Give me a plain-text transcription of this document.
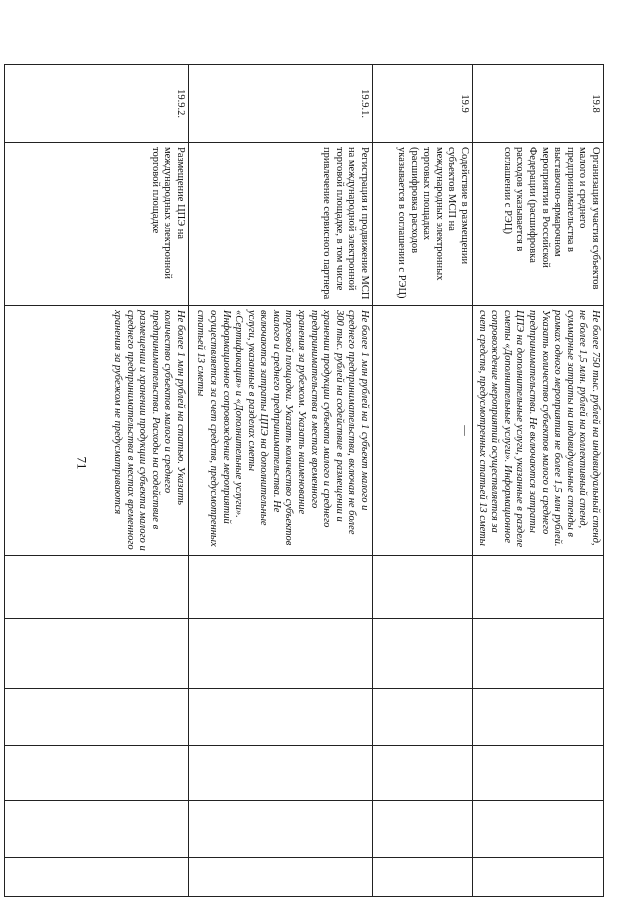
71
19.8	Организация участия субъектов малого и среднего предпринимательства в выставочно-ярмарочном мероприятии в Российской Федерации (расшифровка расходов указывается в соглашении с РЭЦ)	Не более 750 тыс. рублей на индивидуальный стенд, не более 1,5 млн. рублей на коллективный стенд, суммарные затраты на индивидуальные стенды в рамках одного мероприятия не более 1,5 млн рублей. Указать количество субъектов малого и среднего предпринимательства. Не включаются затраты ЦПЭ на дополнительные услуги, указанные в разделе сметы «Дополнительные услуги». Информационное сопровождение мероприятий осуществляется за счет средств, предусмотренных статьей 13 сметы						
19.9	Содействие в размещении субъектов МСП на международных электронных торговых площадках (расшифровка расходов указывается в соглашении с РЭЦ)	—						
19.9.1.	Регистрация и продвижение МСП на международной электронной торговой площадке, в том числе привлечение сервисного партнера	Не более 1 млн рублей на 1 субъект малого и среднего предпринимательства, включая не более 300 тыс. рублей на содействие в размещении и хранении продукции субъекта малого и среднего предпринимательства в местах временного хранения за рубежом. Указать наименование торговой площадки. Указать количество субъектов малого и среднего предпринимательства. Не включаются затраты ЦПЭ на дополнительные услуги, указанные в разделах сметы «Сертификация» и «Дополнительные услуги». Информационное сопровождение мероприятий осуществляется за счет средств, предусмотренных статьей 13 сметы						
19.9.2.	Размещение ЦПЭ на международных электронной торговой площадке	Не более 1 млн рублей на статью. Указать количество субъектов малого и среднего предпринимательства. Расходы на содействие в размещении и хранении продукции субъекта малого и среднего предпринимательства в местах временного хранения за рубежом не предусматриваются						
